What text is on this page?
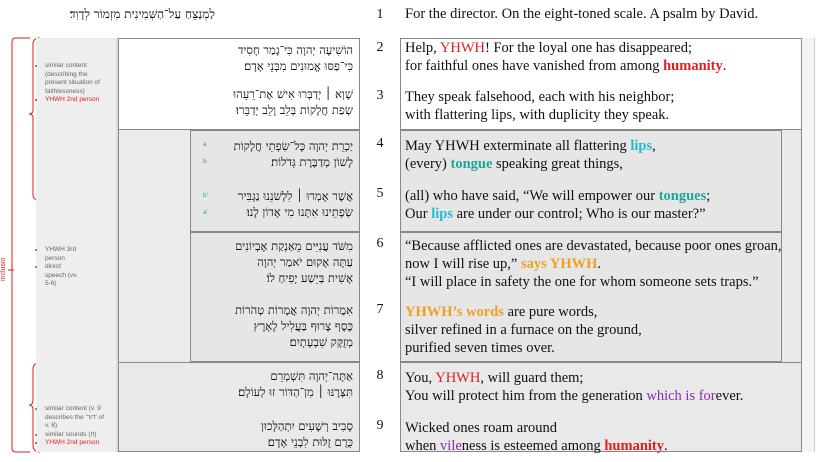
לַמְנַצֵּחַ עַל־הַשְּׁמִינִית מִזְמוֹר לְדָוִד׃	1	For the director. On the eight-toned scale. A psalm by David.
inclusio
• similar content (describing the present situation of faithlessness)
• YHWH 2nd person
• YHWH 3rd person
• direct speech (vv. 5-6)
•
•
•
•
•
• similar content (v. 9 describes the 'דור' of v. 8)
• similar sounds (זו)
• YHWH 2nd person
הוֹשִׁיעָה יְהוָה כִּי־גָמַר חָסִיד
כִּי־פַסּוּ אֱמוּנִים מִבְּנֵי אָדָם׃
שָׁוְא ׀ יְדַבְּרוּ אִישׁ אֶת־רֵעֵהוּ
שְׂפַת חֲלָקוֹת בְּלֵב וָלֵב יְדַבֵּרוּ׃
יַכְרֵת יְהוָה כָּל־שִׂפְתֵי חֲלָקוֹת
לָשׁוֹן מְדַבֶּרֶת גְּדֹלוֹת׃
אֲשֶׁר אָמְרוּ ׀ לִלְשֹׁנֵנוּ נַגְבִּיר
שְׂפָתֵינוּ אִתָּנוּ מִי אָדוֹן לָנוּ׃
a
b
b'
a'
מִשֹּׁד עֲנִיִּים מֵאַנְקַת אֶבְיוֹנִים
עַתָּה אָקוּם יֹאמַר יְהוָה
אָשִׁית בְּיֵשַׁע יָפִיחַ לוֹ׃
אִמֲרוֹת יְהוָה אֲמָרוֹת טְהֹרוֹת
כֶּסֶף צָרוּף בַּעֲלִיל לָאָרֶץ
מְזֻקָּק שִׁבְעָתָיִם׃
אַתָּה־יְהוָה תִּשְׁמְרֵם
תִּצְּרֶנּוּ ׀ מִן־הַדּוֹר זוּ לְעוֹלָם׃
סָבִיב רְשָׁעִים יִתְהַלָּכוּן
כֻּרֻם זֻלּוּת לִבְנֵי אָדָם׃
2
3
4
5
6
7
8
9
Help, YHWH! For the loyal one has disappeared;
for faithful ones have vanished from among humanity.
They speak falsehood, each with his neighbor;
with flattering lips, with duplicity they speak.
May YHWH exterminate all flattering lips,
(every) tongue speaking great things,
(all) who have said, “We will empower our tongues;
Our lips are under our control; Who is our master?”
“Because afflicted ones are devastated, because poor ones groan,
now I will rise up,” says YHWH.
“I will place in safety the one for whom someone sets traps.”
YHWH’s words are pure words,
silver refined in a furnace on the ground,
purified seven times over.
You, YHWH, will guard them;
You will protect him from the generation which is forever.
Wicked ones roam around
when vileness is esteemed among humanity.
